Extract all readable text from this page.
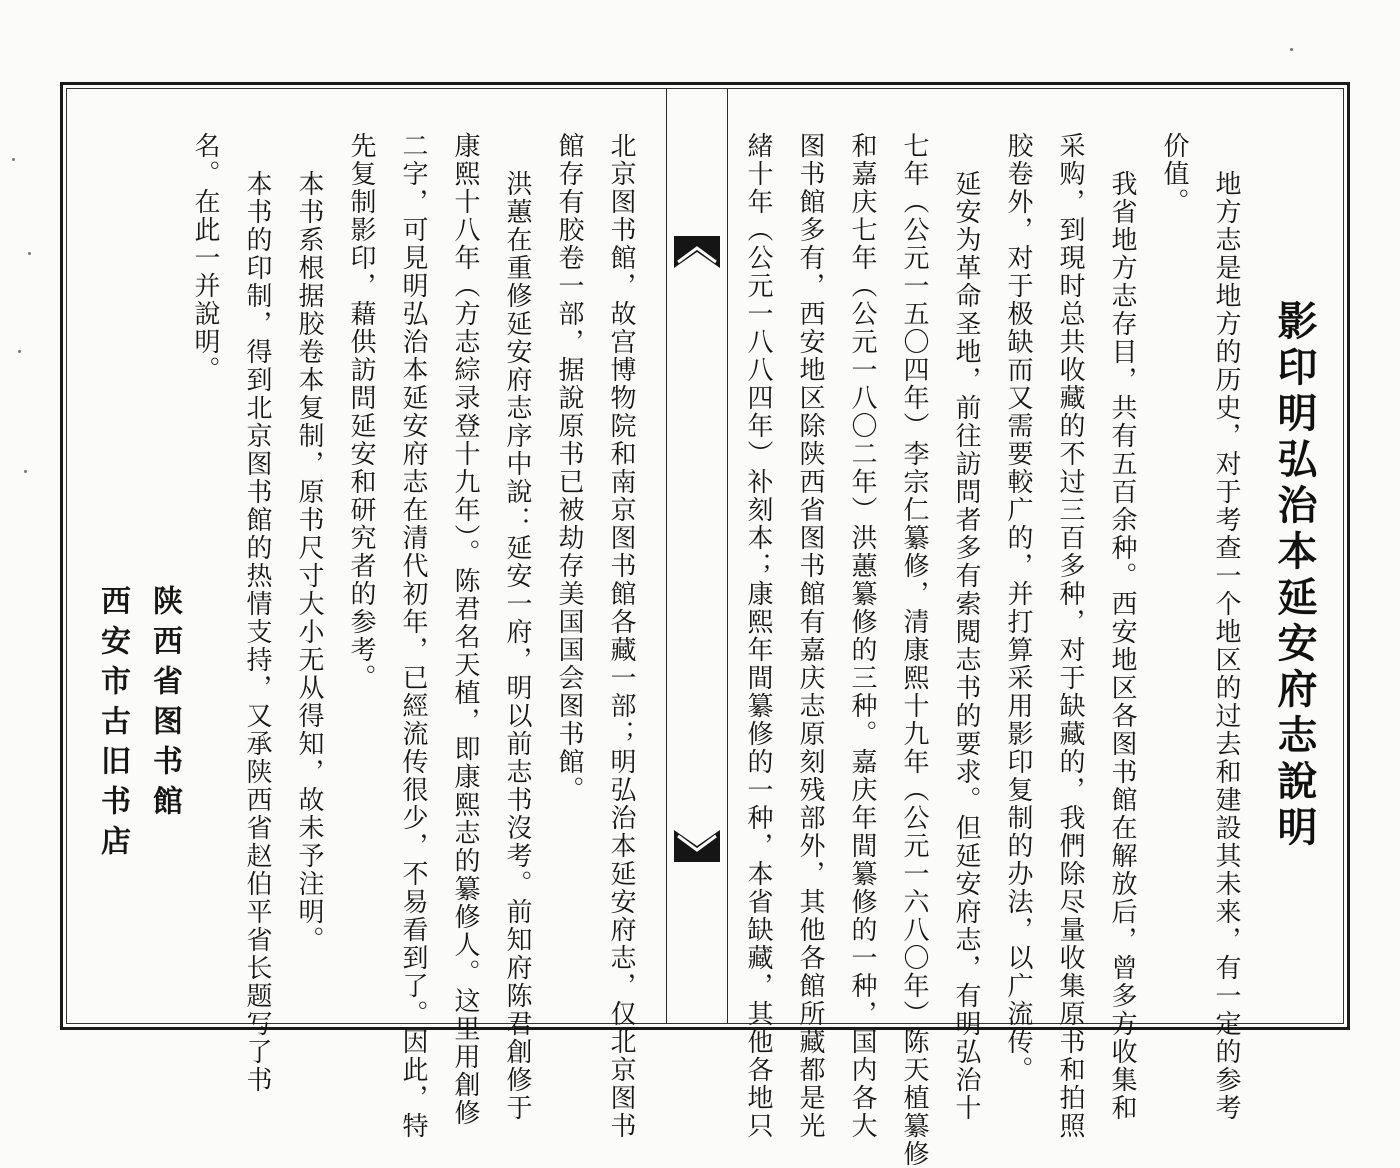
影印明弘治本延安府志說明
地方志是地方的历史，对于考查一个地区的过去和建設其未来，有一定的参考
价值。
我省地方志存目，共有五百余种。西安地区各图书館在解放后，曾多方收集和
采购，到現时总共收藏的不过三百多种，对于缺藏的，我們除尽量收集原书和拍照
胶卷外，对于极缺而又需要較广的，并打算采用影印复制的办法，以广流传。
延安为革命圣地，前往訪問者多有索閱志书的要求。但延安府志，有明弘治十
七年（公元一五〇四年）李宗仁纂修，清康熙十九年（公元一六八〇年）陈天植纂修
和嘉庆七年（公元一八〇二年）洪蕙纂修的三种。嘉庆年間纂修的一种，国内各大
图书館多有，西安地区除陕西省图书館有嘉庆志原刻残部外，其他各館所藏都是光
緒十年（公元一八八四年）补刻本；康熙年間纂修的一种，本省缺藏，其他各地只
北京图书館，故宫博物院和南京图书館各藏一部；明弘治本延安府志，仅北京图书
館存有胶卷一部，据說原书已被劫存美国国会图书館。
洪蕙在重修延安府志序中說：延安一府，明以前志书沒考。前知府陈君創修于
康熙十八年（方志綜录登十九年）。陈君名天植，即康熙志的纂修人。这里用創修
二字，可見明弘治本延安府志在清代初年，已經流传很少，不易看到了。因此，特
先复制影印，藉供訪問延安和研究者的参考。
本书系根据胶卷本复制，原书尺寸大小无从得知，故未予注明。
本书的印制，得到北京图书館的热情支持，又承陕西省赵伯平省长题写了书
名。在此一并說明。
陕西省图书館
西安市古旧书店
